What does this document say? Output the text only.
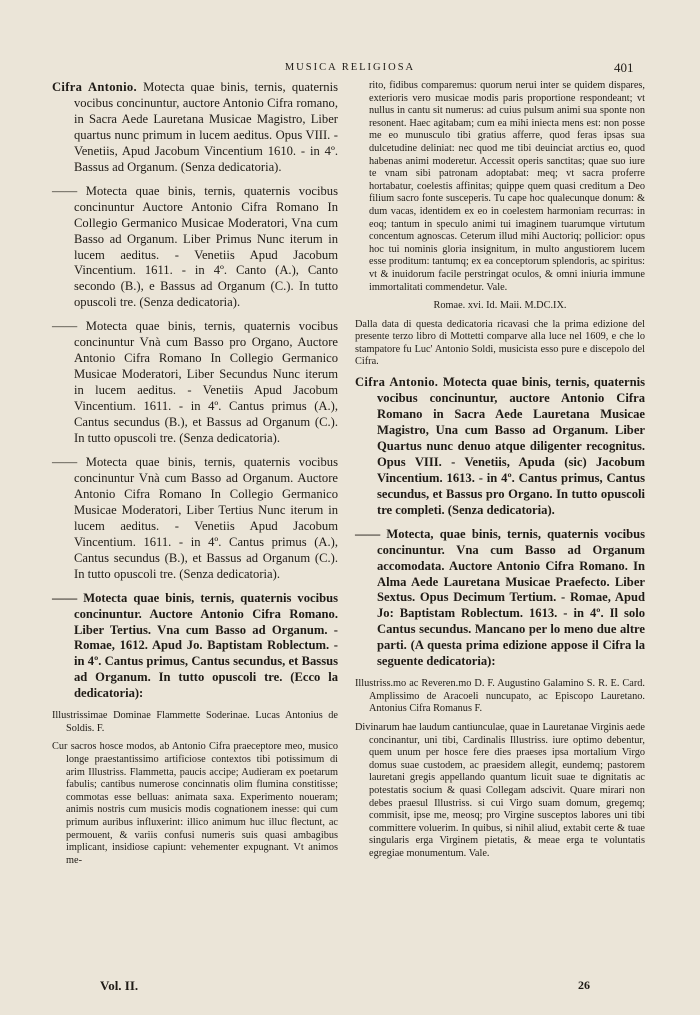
MUSICA RELIGIOSA	401

Cifra Antonio. Motecta quae binis, ternis, quaternis vocibus concinuntur, auctore Antonio Cifra romano, in Sacra Aede Lauretana Musicae Magistro, Liber quartus nunc primum in lucem aeditus. Opus VIII. - Venetiis, Apud Jacobum Vincentium 1610. - in 4º. Bassus ad Organum. (Senza dedicatoria).

—— Motecta quae binis, ternis, quaternis vocibus concinuntur Auctore Antonio Cifra Romano In Collegio Germanico Musicae Moderatori, Vna cum Basso ad Organum. Liber Primus Nunc iterum in lucem aeditus. - Venetiis Apud Jacobum Vincentium. 1611. - in 4º. Canto (A.), Canto secondo (B.), e Bassus ad Organum (C.). In tutto opuscoli tre. (Senza dedicatoria).

—— Motecta quae binis, ternis, quaternis vocibus concinuntur Vnà cum Basso pro Organo, Auctore Antonio Cifra Romano In Collegio Germanico Musicae Moderatori, Liber Secundus Nunc iterum in lucem aeditus. - Venetiis Apud Jacobum Vincentium. 1611. - in 4º. Cantus primus (A.), Cantus secundus (B.), et Bassus ad Organum (C.). In tutto opuscoli tre. (Senza dedicatoria).

—— Motecta quae binis, ternis, quaternis vocibus concinuntur Vnà cum Basso ad Organum. Auctore Antonio Cifra Romano In Collegio Germanico Musicae Moderatori, Liber Tertius Nunc iterum in lucem aeditus. - Venetiis Apud Jacobum Vincentium. 1611. - in 4º. Cantus primus (A.), Cantus secundus (B.), et Bassus ad Organum (C.). In tutto opuscoli tre. (Senza dedicatoria).

—— Motecta quae binis, ternis, quaternis vocibus concinuntur. Auctore Antonio Cifra Romano. Liber Tertius. Vna cum Basso ad Organum. - Romae, 1612. Apud Jo. Baptistam Roblectum. - in 4º. Cantus primus, Cantus secundus, et Bassus ad Organum. In tutto opuscoli tre. (Ecco la dedicatoria):

Illustrissimae Dominae Flammette Soderinae. Lucas Antonius de Soldis. F.

Cur sacros hosce modos, ab Antonio Cifra praeceptore meo, musico longe praestantissimo artificiose contextos tibi potissimum di arim Illustriss. Flammetta, paucis accipe; Audieram ex poetarum fabulis; cantibus numerose concinnatis olim flumina constitisse; commotas esse belluas: animata saxa. Experimento noueram; animis nostris cum musicis modis cognationem inesse: qui cum primum auribus influxerint: illico animum huc illuc flectunt, ac permouent, & variis confusi numeris suis quasi ambagibus implicant, insidiose capiunt: vehementer expugnant. Vt animos me-

rito, fidibus comparemus: quorum nerui inter se quidem dispares, exterioris vero musicae modis paris proportione respondeant; vt nullus in cantu sit numerus: ad cuius pulsum animi sua sponte non resonent. Haec agitabam; cum ea mihi iniecta mens est: non posse me eo munusculo tibi gratius afferre, quod feras ipsas sua dulcetudine deliniat: nec quod me tibi deuinciat arctius eo, quod habenas animi moderetur. Accessit operis sanctitas; quae suo iure te vnam sibi patronam adoptabat: meq; vt sacra proferre hortabatur, coelestis affinitas; quippe quem quasi creditum a Deo filium sacro fonte susceperis. Tu cape hoc qualecunque donum: & dum vacas, identidem ex eo in coelestem harmoniam recurras: in eoq; tantum in speculo animi tui imaginem tuarumque virtutum concentum agnoscas. Ceterum illud mihi Auctoriq; pollicior: opus hoc tui nominis gloria insignitum, in multo angustiorem lucem esse proditum: tantumq; ex ea conceptorum splendoris, ac spiritus: vt & inuidorum facile perstringat oculos, & omni iniuria immune immortalitati commendetur. Vale.

Romae. xvi. Id. Maii. M.DC.IX.

Dalla data di questa dedicatoria ricavasi che la prima edizione del presente terzo libro di Mottetti comparve alla luce nel 1609, e che lo stampatore fu Luc' Antonio Soldi, musicista esso pure e discepolo del Cifra.

Cifra Antonio. Motecta quae binis, ternis, quaternis vocibus concinuntur, auctore Antonio Cifra Romano in Sacra Aede Lauretana Musicae Magistro, Una cum Basso ad Organum. Liber Quartus nunc denuo atque diligenter recognitus. Opus VIII. - Venetiis, Apuda (sic) Jacobum Vincentium. 1613. - in 4º. Cantus primus, Cantus secundus, et Bassus pro Organo. In tutto opuscoli tre completi. (Senza dedicatoria).

—— Motecta, quae binis, ternis, quaternis vocibus concinuntur. Vna cum Basso ad Organum accomodata. Auctore Antonio Cifra Romano. In Alma Aede Lauretana Musicae Praefecto. Liber Sextus. Opus Decimum Tertium. - Romae, Apud Jo: Baptistam Roblectum. 1613. - in 4º. Il solo Cantus secundus. Mancano per lo meno due altre parti. (A questa prima edizione appose il Cifra la seguente dedicatoria):

Illustriss.mo ac Reveren.mo D. F. Augustino Galamino S. R. E. Card. Amplissimo de Aracoeli nuncupato, ac Episcopo Lauretano. Antonius Cifra Romanus F.

Divinarum hae laudum cantiunculae, quae in Lauretanae Virginis aede concinantur, uni tibi, Cardinalis Illustriss. iure optimo debentur, quem unum per hosce fere dies praeses ipsa mortalium Virgo domus suae custodem, ac praesidem allegit, eundemq; pastorem lauretani gregis appellando quantum licuit suae te dignitatis ac potestatis socium & quasi Collegam adscivit. Quare mirari non debes praesul Illustriss. si cui Virgo suam domum, gregemq; commisit, ipse me, meosq; pro Virgine susceptos labores uni tibi committere voluerim. In quibus, si nihil aliud, extabit certe & tuae singularis erga Virginem pietatis, & meae erga te voluntatis egregiae monumentum. Vale.

Vol. II.	26
